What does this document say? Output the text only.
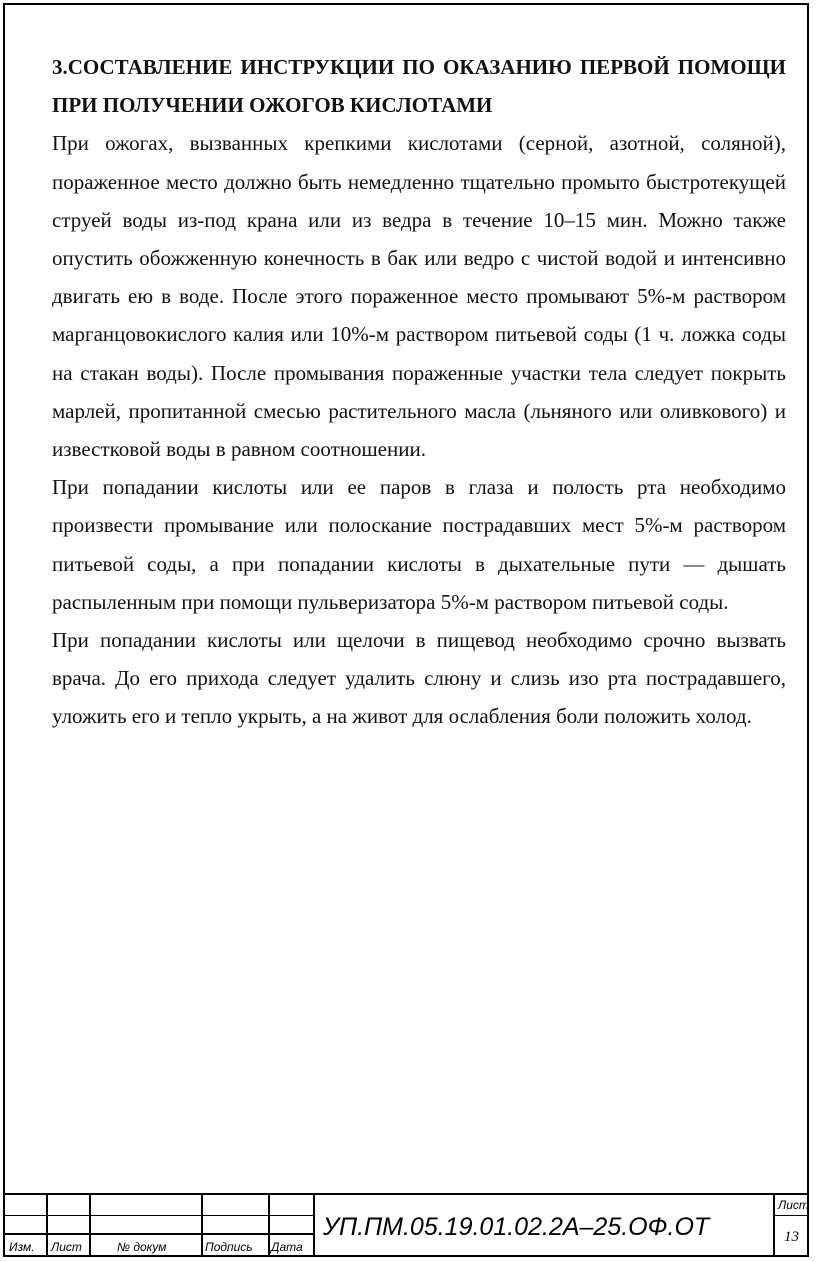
3.СОСТАВЛЕНИЕ ИНСТРУКЦИИ ПО ОКАЗАНИЮ ПЕРВОЙ ПОМОЩИ ПРИ ПОЛУЧЕНИИ ОЖОГОВ КИСЛОТАМИ

При ожогах, вызванных крепкими кислотами (серной, азотной, соляной), пораженное место должно быть немедленно тщательно промыто быстротекущей струей воды из-под крана или из ведра в течение 10–15 мин. Можно также опустить обожженную конечность в бак или ведро с чистой водой и интенсивно двигать ею в воде. После этого пораженное место промывают 5%-м раствором марганцовокислого калия или 10%-м раствором питьевой соды (1 ч. ложка соды на стакан воды). После промывания пораженные участки тела следует покрыть марлей, пропитанной смесью растительного масла (льняного или оливкового) и известковой воды в равном соотношении.

При попадании кислоты или ее паров в глаза и полость рта необходимо произвести промывание или полоскание пострадавших мест 5%-м раствором питьевой соды, а при попадании кислоты в дыхательные пути — дышать распыленным при помощи пульверизатора 5%-м раствором питьевой соды.

При попадании кислоты или щелочи в пищевод необходимо срочно вызвать врача. До его прихода следует удалить слюну и слизь изо рта пострадавшего, уложить его и тепло укрыть, а на живот для ослабления боли положить холод.

Изм. Лист	№ докум	Подпись Дата
УП.ПМ.05.19.01.02.2А–25.ОФ.ОТ
Лист
13
